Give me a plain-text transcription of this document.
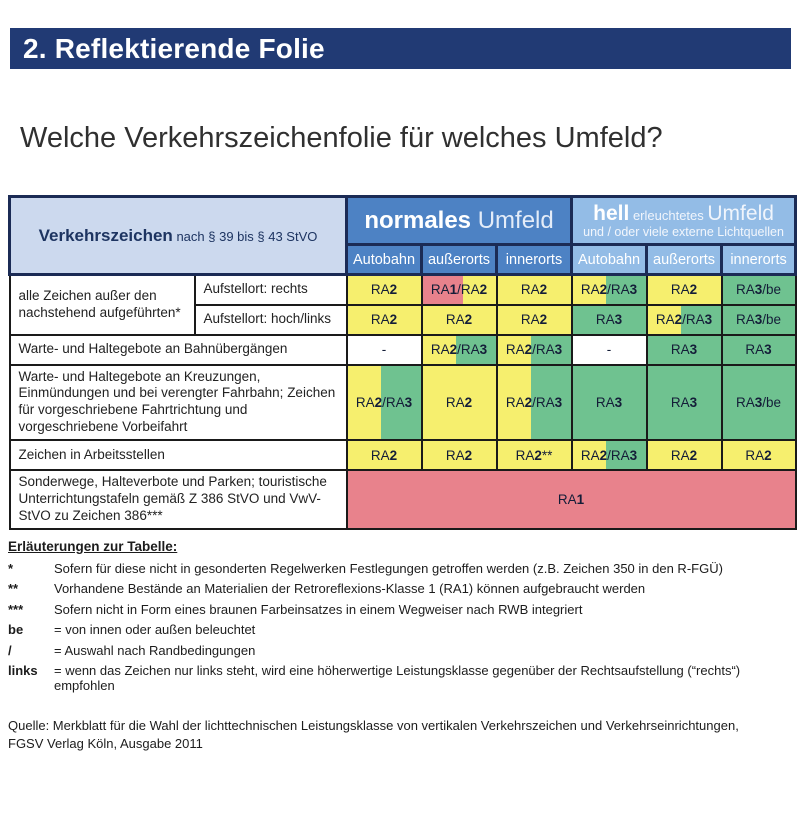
2. Reflektierende Folie
Welche Verkehrszeichenfolie für welches Umfeld?
Verkehrszeichen nach § 39 bis § 43 StVO		normales Umfeld			hell erleuchtetes Umfeld
und / oder viele externe Lichtquellen		

		Autobahn	außerorts	innerorts	Autobahn	außerorts	innerorts
alle Zeichen außer den nachstehend aufgeführten*	Aufstellort: rechts	RA2	RA1/RA2	RA2	RA2/RA3	RA2	RA3/be
	Aufstellort: hoch/links	RA2	RA2	RA2	RA3	RA2/RA3	RA3/be
Warte- und Haltegebote an Bahnübergängen		-	RA2/RA3	RA2/RA3	-	RA3	RA3
Warte- und Haltegebote an Kreuzungen, Einmündungen und bei verengter Fahrbahn; Zeichen für vorgeschriebene Fahrtrichtung und vorgeschriebene Vorbeifahrt		RA2/RA3	RA2	RA2/RA3	RA3	RA3	RA3/be
Zeichen in Arbeitsstellen		RA2	RA2	RA2**	RA2/RA3	RA2	RA2
Sonderwege, Halteverbote und Parken; touristische Unterrichtungstafeln gemäß Z 386 StVO und VwV-StVO zu Zeichen 386***		RA1					
Erläuterungen zur Tabelle:
*	Sofern für diese nicht in gesonderten Regelwerken Festlegungen getroffen werden (z.B. Zeichen 350 in den R-FGÜ)
**	Vorhandene Bestände an Materialien der Retroreflexions-Klasse 1 (RA1) können aufgebraucht werden
***	Sofern nicht in Form eines braunen Farbeinsatzes in einem Wegweiser nach RWB integriert
be	= von innen oder außen beleuchtet
/	= Auswahl nach Randbedingungen
links	= wenn das Zeichen nur links steht, wird eine höherwertige Leistungsklasse gegenüber der Rechtsaufstellung (“rechts“) empfohlen
Quelle: Merkblatt für die Wahl der lichttechnischen Leistungsklasse von vertikalen Verkehrszeichen und Verkehrseinrichtungen,
FGSV Verlag Köln, Ausgabe 2011
